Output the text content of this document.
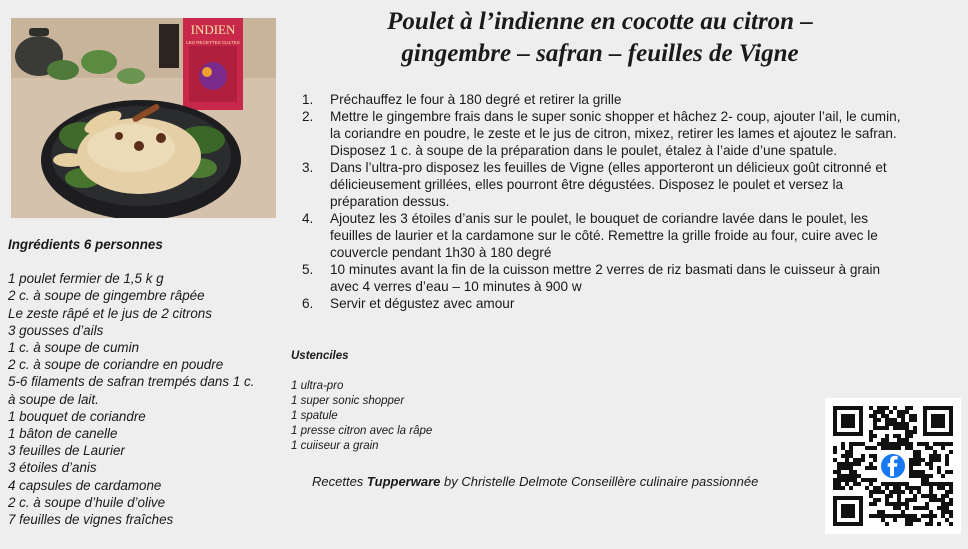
INDIEN
LES RECETTES CULTES
Poulet à l’indienne en cocotte au citron –
gingembre – safran – feuilles de Vigne
1. Préchauffez le four à 180 degré et retirer la grille
2. Mettre le gingembre frais dans le super sonic shopper et hâchez 2- coup, ajouter l’ail, le cumin, la coriandre en poudre, le zeste et le jus de citron, mixez, retirer les lames et ajoutez le safran. Disposez 1 c. à soupe de la préparation dans le poulet, étalez à l’aide d’une spatule.
3. Dans l’ultra-pro disposez les feuilles de Vigne (elles apporteront un délicieux goût citronné et délicieusement grillées, elles pourront être dégustées. Disposez le poulet et versez la préparation dessus.
4. Ajoutez les 3 étoiles d’anis sur le poulet, le bouquet de coriandre lavée dans le poulet, les feuilles de laurier et la cardamone sur le côté. Remettre la grille froide au four, cuire avec le couvercle pendant 1h30 à 180 degré
5. 10 minutes avant la fin de la cuisson mettre 2 verres de riz basmati dans le cuisseur à grain avec 4 verres d’eau – 10 minutes à 900 w
6. Servir et dégustez avec amour
Ingrédients 6 personnes
1 poulet fermier de 1,5 k g
2 c. à soupe de gingembre râpée
Le zeste râpé et le jus de 2 citrons
3 gousses d’ails
1 c. à soupe de cumin
2 c. à soupe de coriandre en poudre
5-6 filaments de safran trempés dans 1 c.
à soupe de lait.
1 bouquet de coriandre
1 bâton de canelle
3 feuilles de Laurier
3 étoiles d’anis
4 capsules de cardamone
2 c. à soupe d’huile d’olive
7 feuilles de vignes fraîches
Ustenciles
1 ultra-pro
1 super sonic shopper
1 spatule
1 presse citron avec la râpe
1 cuiiseur a grain
Recettes Tupperware by Christelle Delmote Conseillère culinaire passionnée
